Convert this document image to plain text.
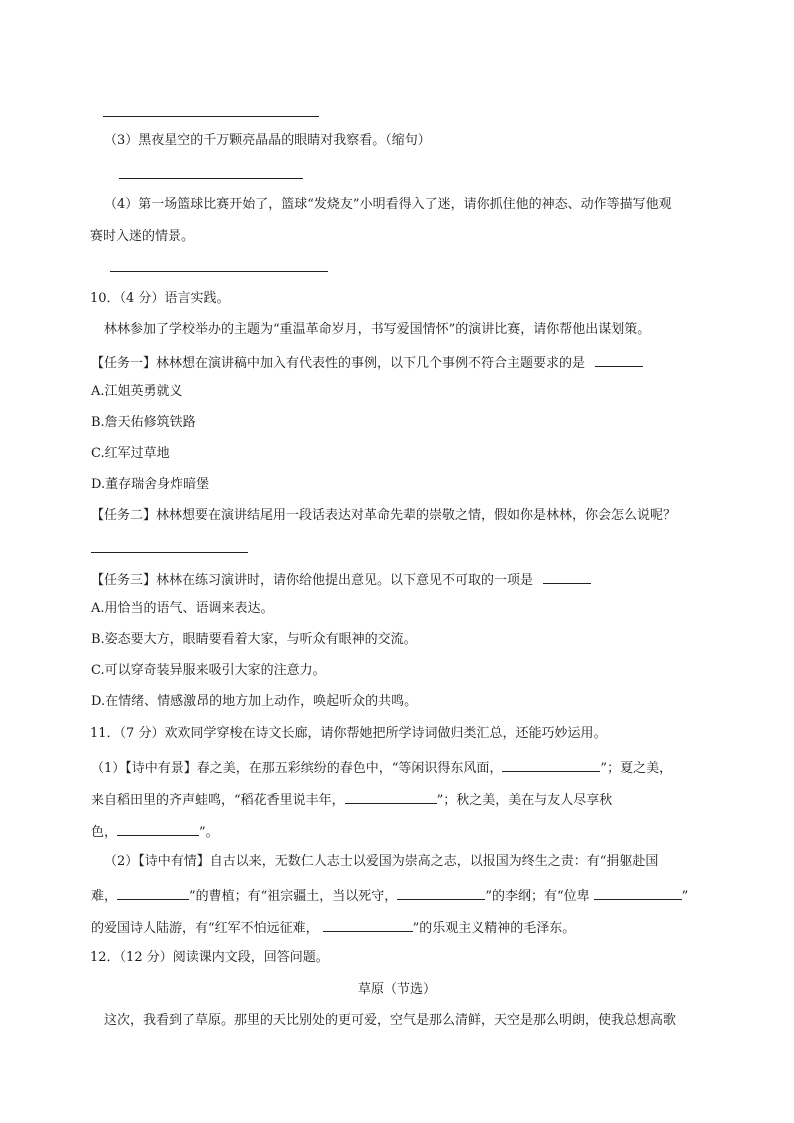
（3）黑夜星空的千万颗亮晶晶的眼睛对我察看。（缩句）
（4）第一场篮球比赛开始了，篮球“发烧友”小明看得入了迷，请你抓住他的神态、动作等描写他观
赛时入迷的情景。
10．（4 分）语言实践。
林林参加了学校举办的主题为“重温革命岁月，书写爱国情怀”的演讲比赛，请你帮他出谋划策。
【任务一】林林想在演讲稿中加入有代表性的事例，以下几个事例不符合主题要求的是
A.江姐英勇就义
B.詹天佑修筑铁路
C.红军过草地
D.董存瑞舍身炸暗堡
【任务二】林林想要在演讲结尾用一段话表达对革命先辈的崇敬之情，假如你是林林，你会怎么说呢？
【任务三】林林在练习演讲时，请你给他提出意见。以下意见不可取的一项是
A.用恰当的语气、语调来表达。
B.姿态要大方，眼睛要看着大家，与听众有眼神的交流。
C.可以穿奇装异服来吸引大家的注意力。
D.在情绪、情感激昂的地方加上动作，唤起听众的共鸣。
11．（7 分）欢欢同学穿梭在诗文长廊，请你帮她把所学诗词做归类汇总，还能巧妙运用。
（1）【诗中有景】春之美，在那五彩缤纷的春色中，“等闲识得东风面，	”；夏之美，
来自稻田里的齐声蛙鸣，“稻花香里说丰年，	”；秋之美，美在与友人尽享秋
色，	”。
（2）【诗中有情】自古以来，无数仁人志士以爱国为崇高之志，以报国为终生之责：有“捐躯赴国
难，	”的曹植；有“祖宗疆土，当以死守，	”的李纲；有“位卑	”
的爱国诗人陆游，有“红军不怕远征难，	”的乐观主义精神的毛泽东。
12．（12 分）阅读课内文段，回答问题。
草原（节选）
这次，我看到了草原。那里的天比别处的更可爱，空气是那么清鲜，天空是那么明朗，使我总想高歌
